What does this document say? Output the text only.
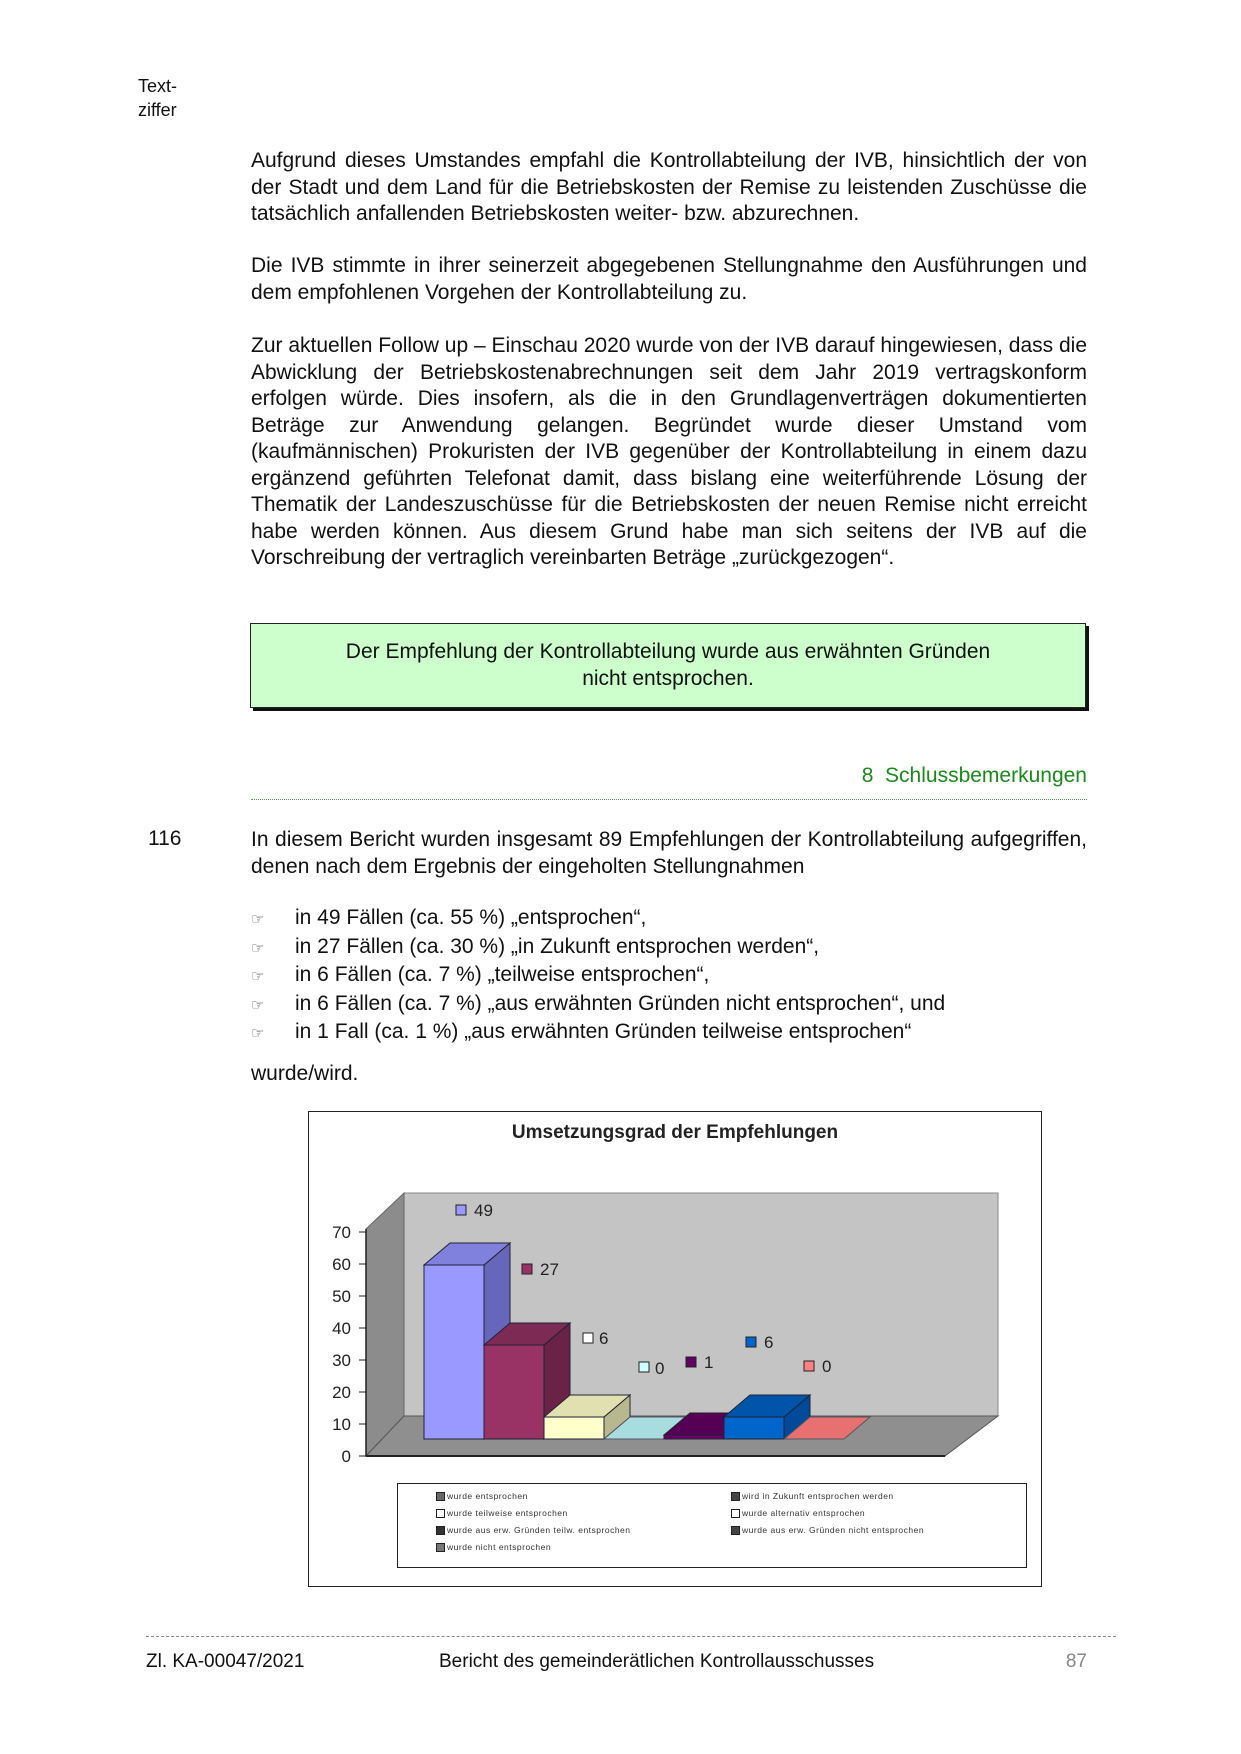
Text-
ziffer

Aufgrund dieses Umstandes empfahl die Kontrollabteilung der IVB, hinsichtlich der von der Stadt und dem Land für die Betriebskosten der Remise zu leistenden Zuschüsse die tatsächlich anfallenden Betriebskosten weiter- bzw. abzurechnen.

Die IVB stimmte in ihrer seinerzeit abgegebenen Stellungnahme den Ausführungen und dem empfohlenen Vorgehen der Kontrollabteilung zu.

Zur aktuellen Follow up – Einschau 2020 wurde von der IVB darauf hingewiesen, dass die Abwicklung der Betriebskostenabrechnungen seit dem Jahr 2019 vertragskonform erfolgen würde. Dies insofern, als die in den Grundlagenverträgen dokumentierten Beträge zur Anwendung gelangen. Begründet wurde dieser Umstand vom (kaufmännischen) Prokuristen der IVB gegenüber der Kontrollabteilung in einem dazu ergänzend geführten Telefonat damit, dass bislang eine weiterführende Lösung der Thematik der Landeszuschüsse für die Betriebskosten der neuen Remise nicht erreicht habe werden können. Aus diesem Grund habe man sich seitens der IVB auf die Vorschreibung der vertraglich vereinbarten Beträge „zurückgezogen“.

Der Empfehlung der Kontrollabteilung wurde aus erwähnten Gründen
nicht entsprochen.
8  Schlussbemerkungen
116	In diesem Bericht wurden insgesamt 89 Empfehlungen der Kontrollabteilung aufgegriffen, denen nach dem Ergebnis der eingeholten Stellungnahmen

☞	in 49 Fällen (ca. 55 %) „entsprochen“,
☞	in 27 Fällen (ca. 30 %) „in Zukunft entsprochen werden“,
☞	in 6 Fällen (ca. 7 %) „teilweise entsprochen“,
☞	in 6 Fällen (ca. 7 %) „aus erwähnten Gründen nicht entsprochen“, und
☞	in 1 Fall (ca. 1 %) „aus erwähnten Gründen teilweise entsprochen“
wurde/wird.
Umsetzungsgrad der Empfehlungen
0
10
20
30
40
50
60
70
49
27
6
0 1
6
0
wurde entsprochen	wird in Zukunft entsprochen werden
wurde teilweise entsprochen	wurde alternativ entsprochen
wurde aus erw. Gründen teilw. entsprochen	wurde aus erw. Gründen nicht entsprochen
wurde nicht entsprochen
Zl. KA-00047/2021	Bericht des gemeinderätlichen Kontrollausschusses	87
